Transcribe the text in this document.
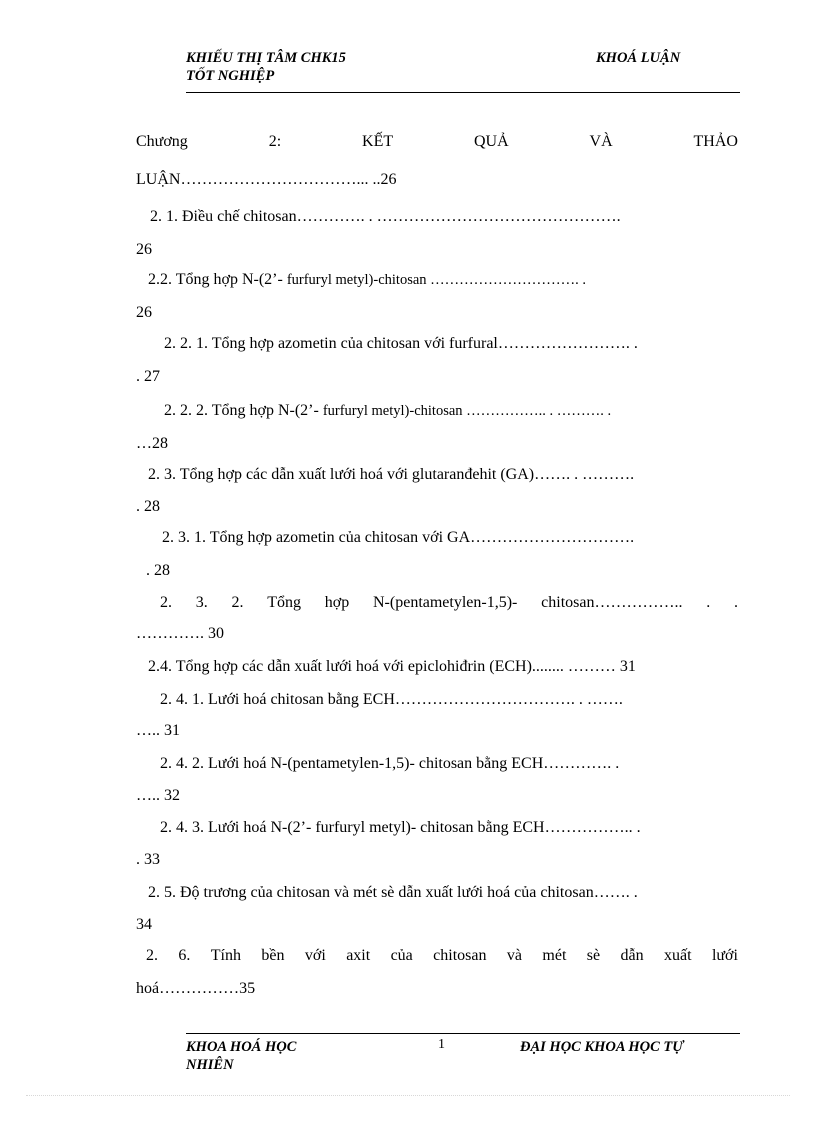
KHIẾU THỊ TÂM CHK15
TỐT NGHIỆP
KHOÁ LUẬN
Chương	2:	KẾT	QUẢ	VÀ	THẢO
LUẬN……………………………... ..26
2. 1. Điều chế chitosan…………. . ……………………………………….
26
2.2. Tổng hợp N-(2’- furfuryl metyl)-chitosan …………………………. .
26
2. 2. 1. Tổng hợp azometin của chitosan với furfural……………………. .
. 27
2. 2. 2. Tổng hợp N-(2’- furfuryl metyl)-chitosan …………….. . ………. .
…28
2. 3. Tổng hợp các dẫn xuất lưới hoá với glutaranđehit (GA)……. . ……….
. 28
2. 3. 1. Tổng hợp azometin của chitosan với GA………………………….
. 28
2. 3. 2. Tổng hợp N-(pentametylen-1,5)- chitosan…………….. . .
…………. 30
2.4. Tổng hợp các dẫn xuất lưới hoá với epiclohiđrin (ECH)........ ……… 31
2. 4. 1. Lưới hoá chitosan bằng ECH……………………………. . …….
….. 31
2. 4. 2. Lưới hoá N-(pentametylen-1,5)- chitosan bằng ECH…………. .
….. 32
2. 4. 3. Lưới hoá N-(2’- furfuryl metyl)- chitosan bằng ECH…………….. .
. 33
2. 5. Độ trương của chitosan và mét sè dẫn xuất lưới hoá của chitosan……. .
34
2. 6. Tính bền với axit của chitosan và mét sè dẫn xuất lưới
hoá……………35
KHOA HOÁ HỌC
NHIÊN
1	ĐẠI HỌC KHOA HỌC TỰ
